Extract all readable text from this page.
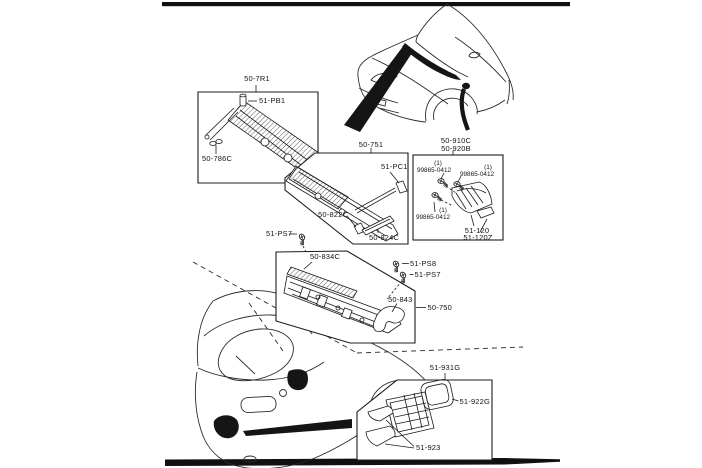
50-7R1
51-PB1
50-786C
50-751
51-PC1
50-822C
50-824C
50-910C
50-920B
(1)
99865-0412	(1)
99865-0412
(1)
99865-0412
51-120
51-120Z
51-PS7
50-834C
51-PS8
51-PS7
50-843
50-750
51-931G
51-922G
51-923
